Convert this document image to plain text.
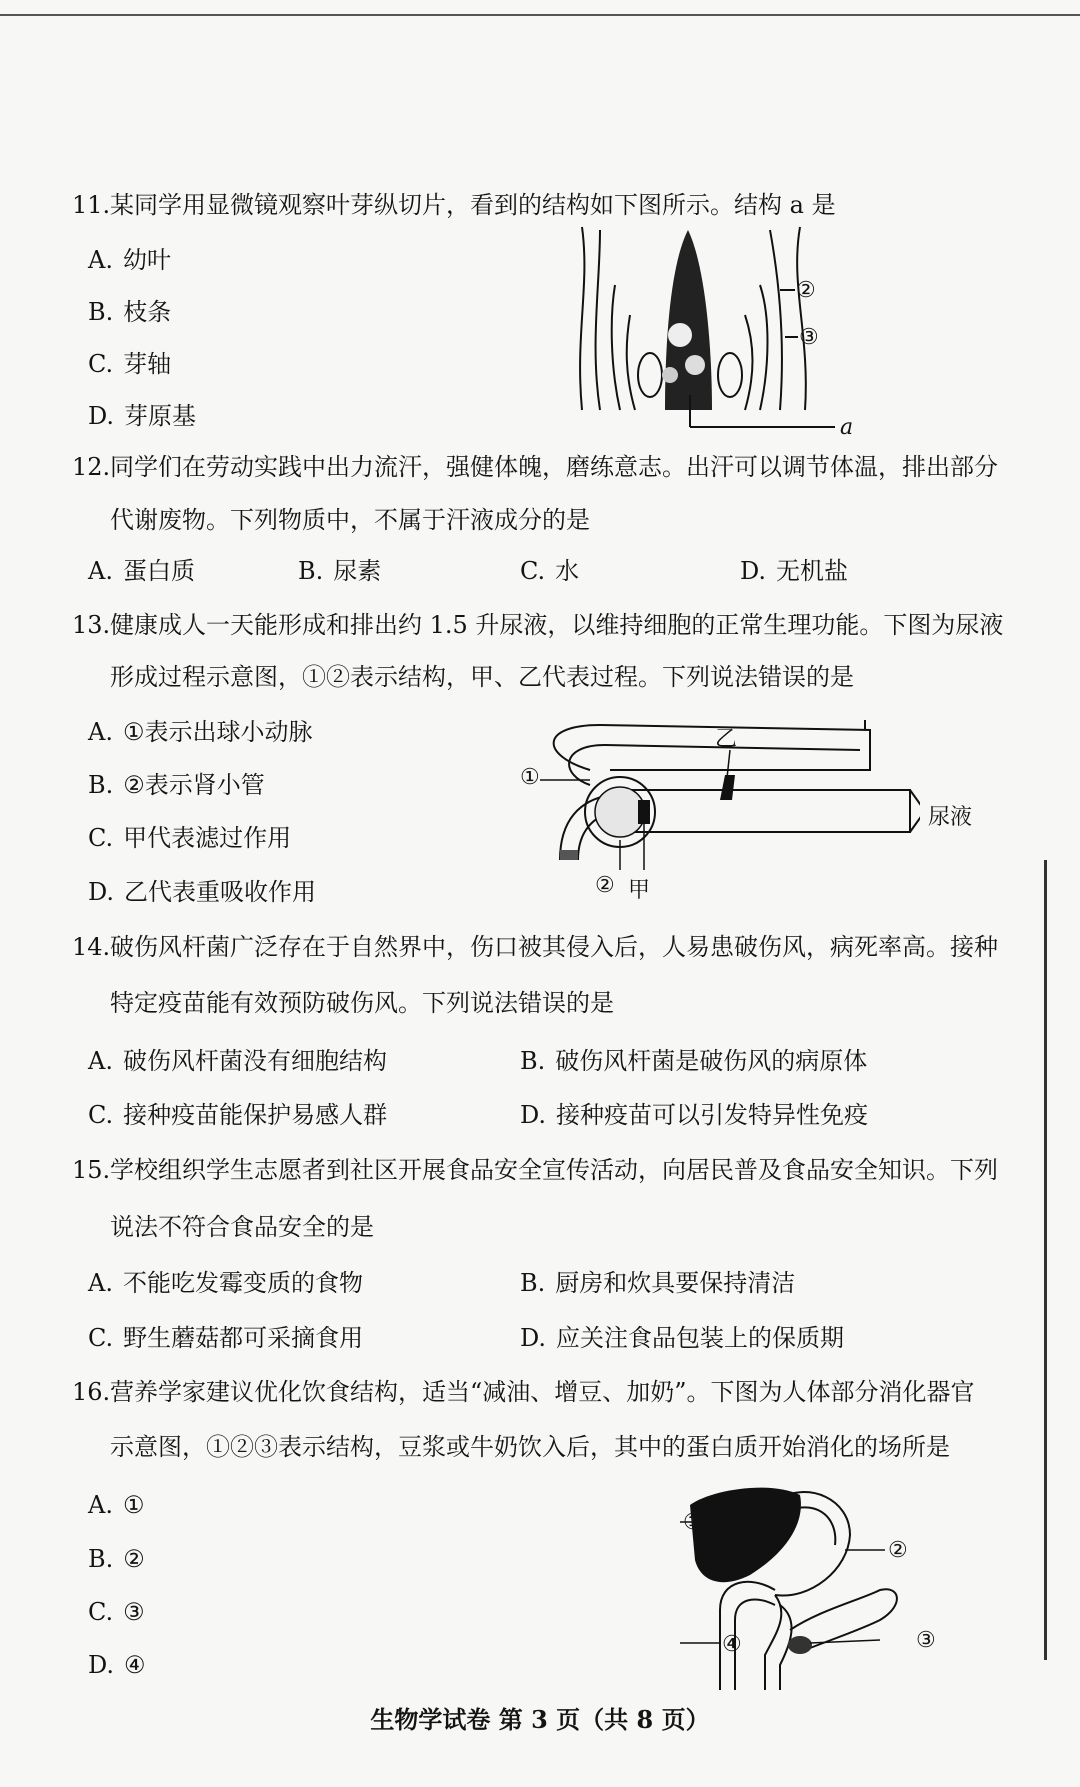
11.某同学用显微镜观察叶芽纵切片，看到的结构如下图所示。结构 a 是
A. 幼叶
B. 枝条
C. 芽轴
D. 芽原基
②
③
a
12.同学们在劳动实践中出力流汗，强健体魄，磨练意志。出汗可以调节体温，排出部分
代谢废物。下列物质中，不属于汗液成分的是
A. 蛋白质	B. 尿素	C. 水	D. 无机盐
13.健康成人一天能形成和排出约 1.5 升尿液，以维持细胞的正常生理功能。下图为尿液
形成过程示意图，①②表示结构，甲、乙代表过程。下列说法错误的是
A. ①表示出球小动脉
B. ②表示肾小管
C. 甲代表滤过作用
D. 乙代表重吸收作用
乙
①
尿液
② 甲
14.破伤风杆菌广泛存在于自然界中，伤口被其侵入后，人易患破伤风，病死率高。接种
特定疫苗能有效预防破伤风。下列说法错误的是
A. 破伤风杆菌没有细胞结构	B. 破伤风杆菌是破伤风的病原体
C. 接种疫苗能保护易感人群	D. 接种疫苗可以引发特异性免疫
15.学校组织学生志愿者到社区开展食品安全宣传活动，向居民普及食品安全知识。下列
说法不符合食品安全的是
A. 不能吃发霉变质的食物	B. 厨房和炊具要保持清洁
C. 野生蘑菇都可采摘食用	D. 应关注食品包装上的保质期
16.营养学家建议优化饮食结构，适当“减油、增豆、加奶”。下图为人体部分消化器官
示意图，①②③表示结构，豆浆或牛奶饮入后，其中的蛋白质开始消化的场所是
A. ①
B. ②
C. ③
D. ④
①
②
③
④
生物学试卷 第 3 页（共 8 页）
